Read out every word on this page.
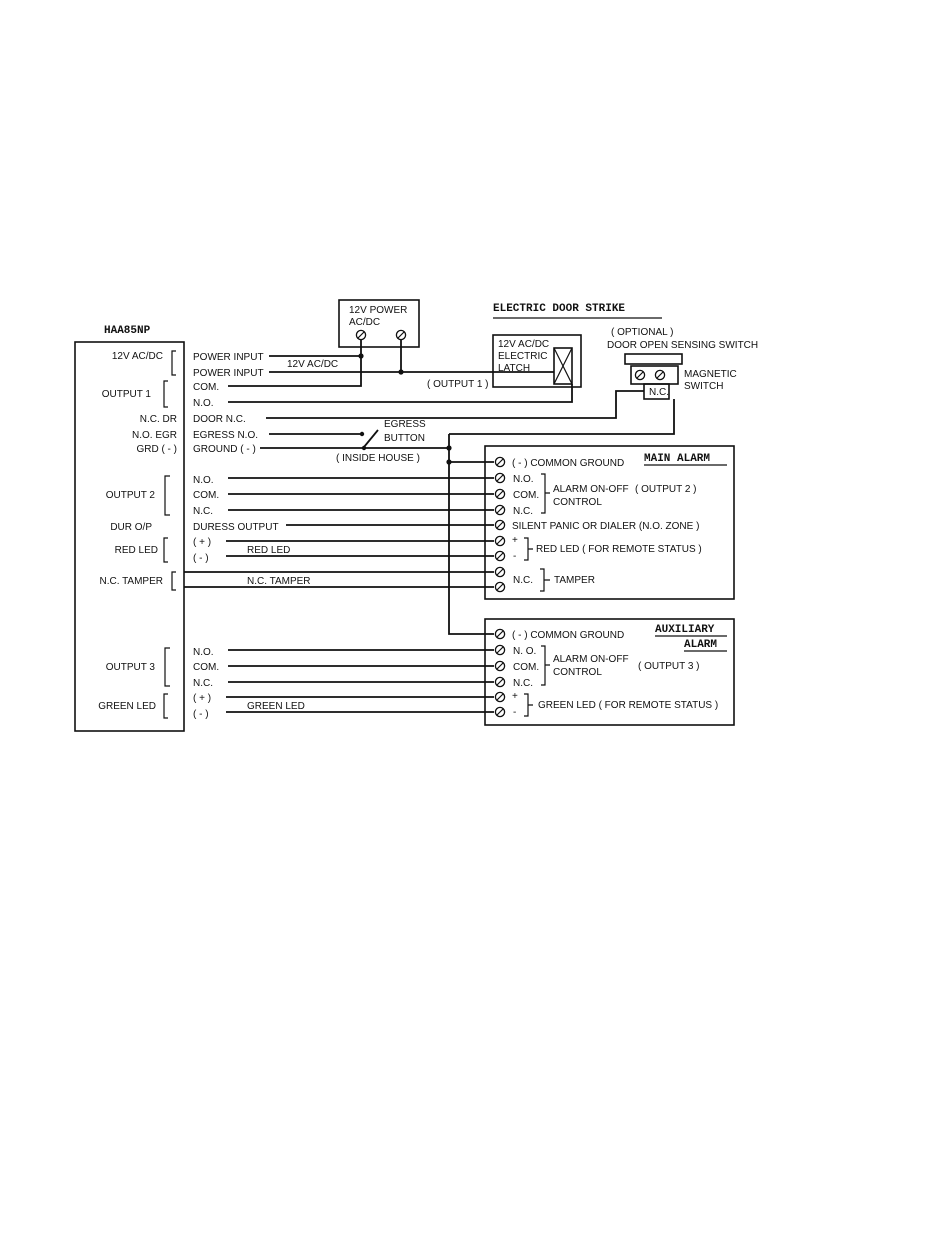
HAA85NP
12V AC/DC
OUTPUT 1
N.C. DR
N.O. EGR
GRD ( - )
OUTPUT 2
DUR O/P
RED LED
N.C. TAMPER
OUTPUT 3
GREEN LED
POWER INPUT
POWER INPUT
COM.
N.O.
DOOR N.C.
EGRESS N.O.
GROUND ( - )
N.O.
COM.
N.C.
DURESS OUTPUT
( + )
( - )
N.O.
COM.
N.C.
( + )
( - )
12V POWER
AC/DC
ELECTRIC DOOR STRIKE
12V AC/DC
ELECTRIC
LATCH
( OUTPUT 1 )
( OPTIONAL )
DOOR OPEN SENSING SWITCH
N.C.
MAGNETIC
SWITCH
EGRESS
BUTTON
( INSIDE HOUSE )	MAIN ALARM
( - ) COMMON GROUND
N.O.
COM.
N.C.
ALARM ON-OFF
CONTROL
( OUTPUT 2 )
SILENT PANIC OR DIALER (N.O. ZONE )
+
-
RED LED ( FOR REMOTE STATUS )
N.C. TAMPER
AUXILIARY
ALARM
( - ) COMMON GROUND
N. O.
COM.
N.C.
ALARM ON-OFF
CONTROL
( OUTPUT 3 )
+
-
GREEN LED ( FOR REMOTE STATUS )
12V AC/DC
RED LED
N.C. TAMPER
GREEN LED
